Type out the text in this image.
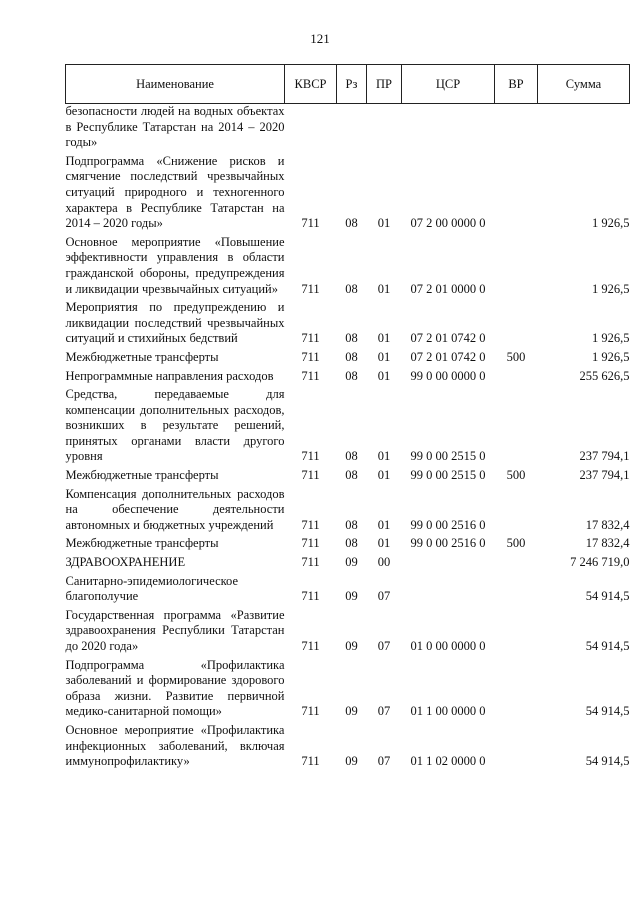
121
Наименование	КВСР	Рз	ПР	ЦСР	ВР	Сумма
безопасности людей на водных объектах в Республике Татарстан на 2014 – 2020 годы»						
Подпрограмма «Снижение рисков и смягчение последствий чрезвычайных ситуаций природного и техногенного характера в Республике Татарстан на 2014 – 2020 годы»	711	08	01	07 2 00 0000 0		1 926,5
Основное мероприятие «Повышение эффективности управления в области гражданской обороны, предупреждения и ликвидации чрезвычайных ситуаций»	711	08	01	07 2 01 0000 0		1 926,5
Мероприятия по предупреждению и ликвидации последствий чрезвычайных ситуаций и стихийных бедствий	711	08	01	07 2 01 0742 0		1 926,5
Межбюджетные трансферты	711	08	01	07 2 01 0742 0	500	1 926,5
Непрограммные направления расходов	711	08	01	99 0 00 0000 0		255 626,5
Средства, передаваемые для компенсации дополнительных расходов, возникших в результате решений, принятых органами власти другого уровня	711	08	01	99 0 00 2515 0		237 794,1
Межбюджетные трансферты	711	08	01	99 0 00 2515 0	500	237 794,1
Компенсация дополнительных расходов на обеспечение деятельности автономных и бюджетных учреждений	711	08	01	99 0 00 2516 0		17 832,4
Межбюджетные трансферты	711	08	01	99 0 00 2516 0	500	17 832,4
ЗДРАВООХРАНЕНИЕ	711	09	00			7 246 719,0
Санитарно-эпидемиологическое благополучие	711	09	07			54 914,5
Государственная программа «Развитие здравоохранения Республики Татарстан до 2020 года»	711	09	07	01 0 00 0000 0		54 914,5
Подпрограмма «Профилактика заболеваний и формирование здорового образа жизни. Развитие первичной медико-санитарной помощи»	711	09	07	01 1 00 0000 0		54 914,5
Основное мероприятие «Профилактика инфекционных заболеваний, включая иммунопрофилактику»	711	09	07	01 1 02 0000 0		54 914,5
